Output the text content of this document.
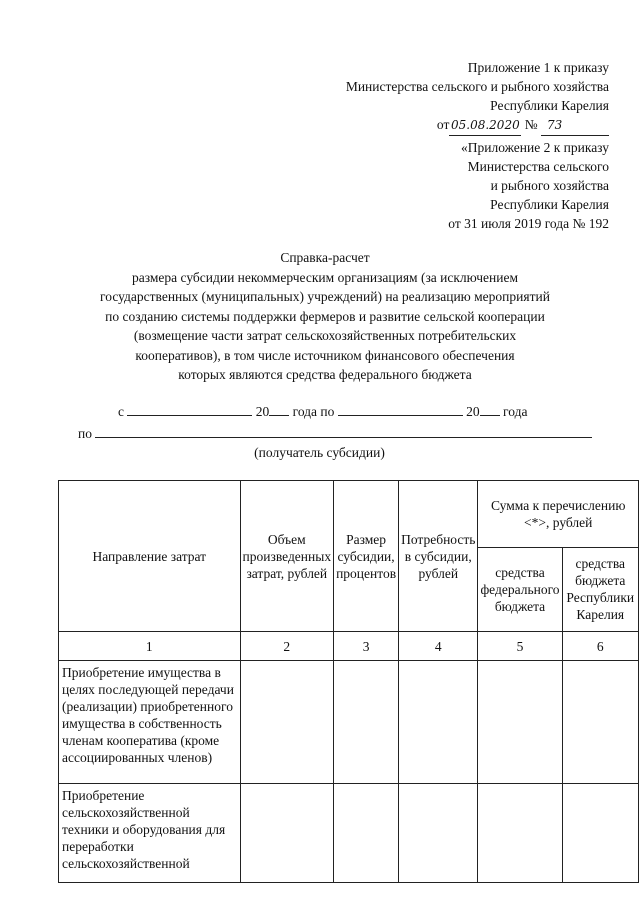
Приложение 1 к приказу
Министерства сельского и рыбного хозяйства
Республики Карелия
от 05.08.2020 № 73
«Приложение 2 к приказу
Министерства сельского
и рыбного хозяйства
Республики Карелия
от 31 июля 2019 года № 192
Справка-расчет
размера субсидии некоммерческим организациям (за исключением
государственных (муниципальных) учреждений) на реализацию мероприятий
по созданию системы поддержки фермеров и развитие сельской кооперации
(возмещение части затрат сельскохозяйственных потребительских
кооперативов), в том числе источником финансового обеспечения
которых являются средства федерального бюджета
с	20 года по	20 года
по
(получатель субсидии)
Направление затрат	Объем произведенных затрат, рублей	Размер субсидии, процентов	Потребность в субсидии, рублей	Сумма к перечислению <*>, рублей	
				средства федерального бюджета	средства бюджета Республики Карелия
1	2	3	4	5	6
Приобретение имущества в целях последующей передачи (реализации) приобретенного имущества в собственность членам кооператива (кроме ассоциированных членов)					
Приобретение сельскохозяйственной техники и оборудования для переработки сельскохозяйственной					
